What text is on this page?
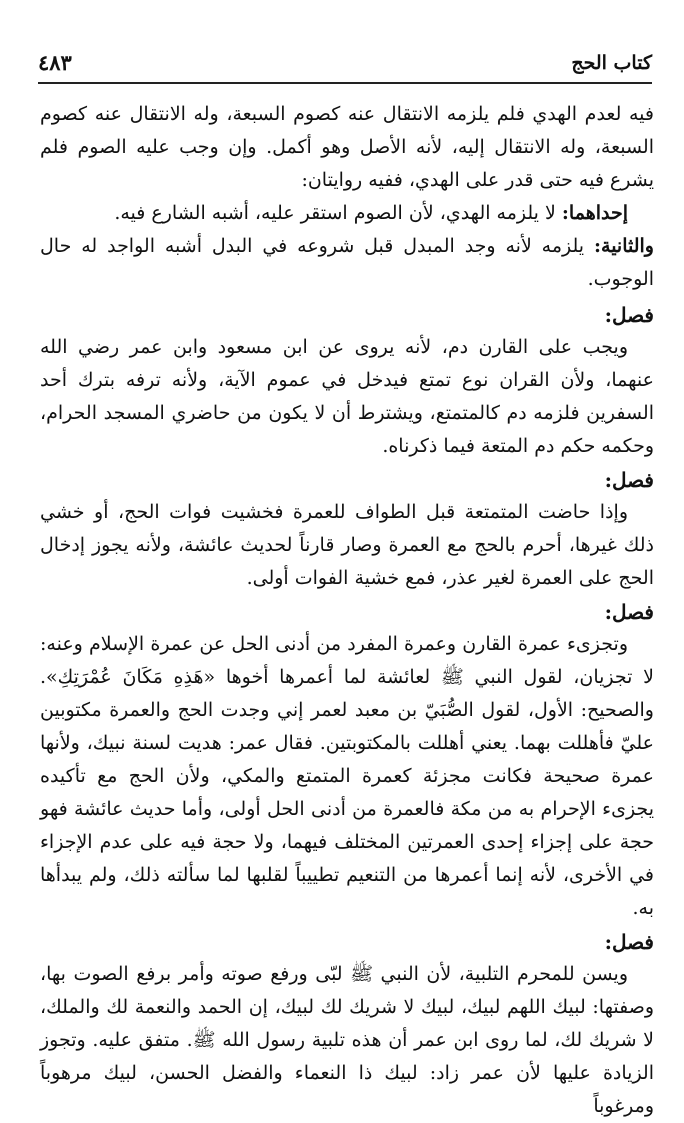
كتاب الحج
٤٨٣

فيه لعدم الهدي فلم يلزمه الانتقال عنه كصوم السبعة، وله الانتقال عنه كصوم السبعة، وله الانتقال إليه، لأنه الأصل وهو أكمل. وإن وجب عليه الصوم فلم يشرع فيه حتى قدر على الهدي، ففيه روايتان:

إحداهما: لا يلزمه الهدي، لأن الصوم استقر عليه، أشبه الشارع فيه.

والثانية: يلزمه لأنه وجد المبدل قبل شروعه في البدل أشبه الواجد له حال الوجوب.

فصل:

ويجب على القارن دم، لأنه يروى عن ابن مسعود وابن عمر رضي الله عنهما، ولأن القران نوع تمتع فيدخل في عموم الآية، ولأنه ترفه بترك أحد السفرين فلزمه دم كالمتمتع، ويشترط أن لا يكون من حاضري المسجد الحرام، وحكمه حكم دم المتعة فيما ذكرناه.

فصل:

وإذا حاضت المتمتعة قبل الطواف للعمرة فخشيت فوات الحج، أو خشي ذلك غيرها، أحرم بالحج مع العمرة وصار قارناً لحديث عائشة، ولأنه يجوز إدخال الحج على العمرة لغير عذر، فمع خشية الفوات أولى.

فصل:

وتجزىء عمرة القارن وعمرة المفرد من أدنى الحل عن عمرة الإسلام وعنه: لا تجزيان، لقول النبي ﷺ لعائشة لما أعمرها أخوها «هَذِهِ مَكَانَ عُمْرَتِكِ». والصحيح: الأول، لقول الصُّبَيّ بن معبد لعمر إني وجدت الحج والعمرة مكتوبين عليّ فأهللت بهما. يعني أهللت بالمكتوبتين. فقال عمر: هديت لسنة نبيك، ولأنها عمرة صحيحة فكانت مجزئة كعمرة المتمتع والمكي، ولأن الحج مع تأكيده يجزىء الإحرام به من مكة فالعمرة من أدنى الحل أولى، وأما حديث عائشة فهو حجة على إجزاء إحدى العمرتين المختلف فيهما، ولا حجة فيه على عدم الإجزاء في الأخرى، لأنه إنما أعمرها من التنعيم تطييباً لقلبها لما سألته ذلك، ولم يبدأها به.

فصل:

ويسن للمحرم التلبية، لأن النبي ﷺ لبّى ورفع صوته وأمر برفع الصوت بها، وصفتها: لبيك اللهم لبيك، لبيك لا شريك لك لبيك، إن الحمد والنعمة لك والملك، لا شريك لك، لما روى ابن عمر أن هذه تلبية رسول الله ﷺ. متفق عليه. وتجوز الزيادة عليها لأن عمر زاد: لبيك ذا النعماء والفضل الحسن، لبيك مرهوباً ومرغوباً
